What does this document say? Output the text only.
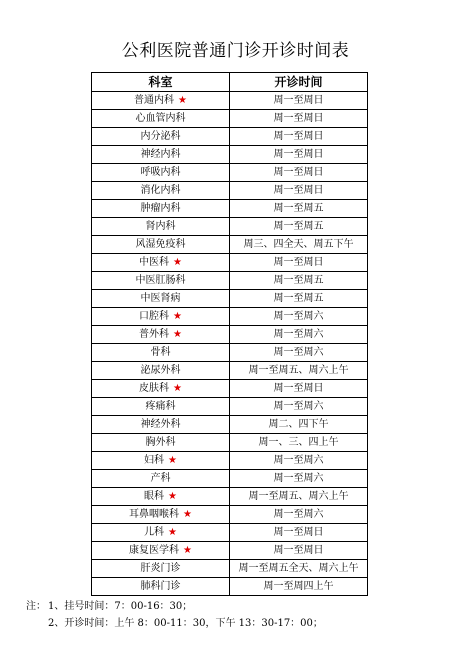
公利医院普通门诊开诊时间表
科室	开诊时间
普通内科 ★	周一至周日
心血管内科	周一至周日
内分泌科	周一至周日
神经内科	周一至周日
呼吸内科	周一至周日
消化内科	周一至周日
肿瘤内科	周一至周五
肾内科	周一至周五
风湿免疫科	周三、四全天、周五下午
中医科 ★	周一至周日
中医肛肠科	周一至周五
中医肾病	周一至周五
口腔科 ★	周一至周六
普外科 ★	周一至周六
骨科	周一至周六
泌尿外科	周一至周五、周六上午
皮肤科 ★	周一至周日
疼痛科	周一至周六
神经外科	周二、四下午
胸外科	周一、三、四上午
妇科 ★	周一至周六
产科	周一至周六
眼科 ★	周一至周五、周六上午
耳鼻咽喉科 ★	周一至周六
儿科 ★	周一至周日
康复医学科 ★	周一至周日
肝炎门诊	周一至周五全天、周六上午
肺科门诊	周一至周四上午
注： 1、挂号时间：7：00-16：30；
2、开诊时间：上午 8：00-11：30，下午 13：30-17：00；
